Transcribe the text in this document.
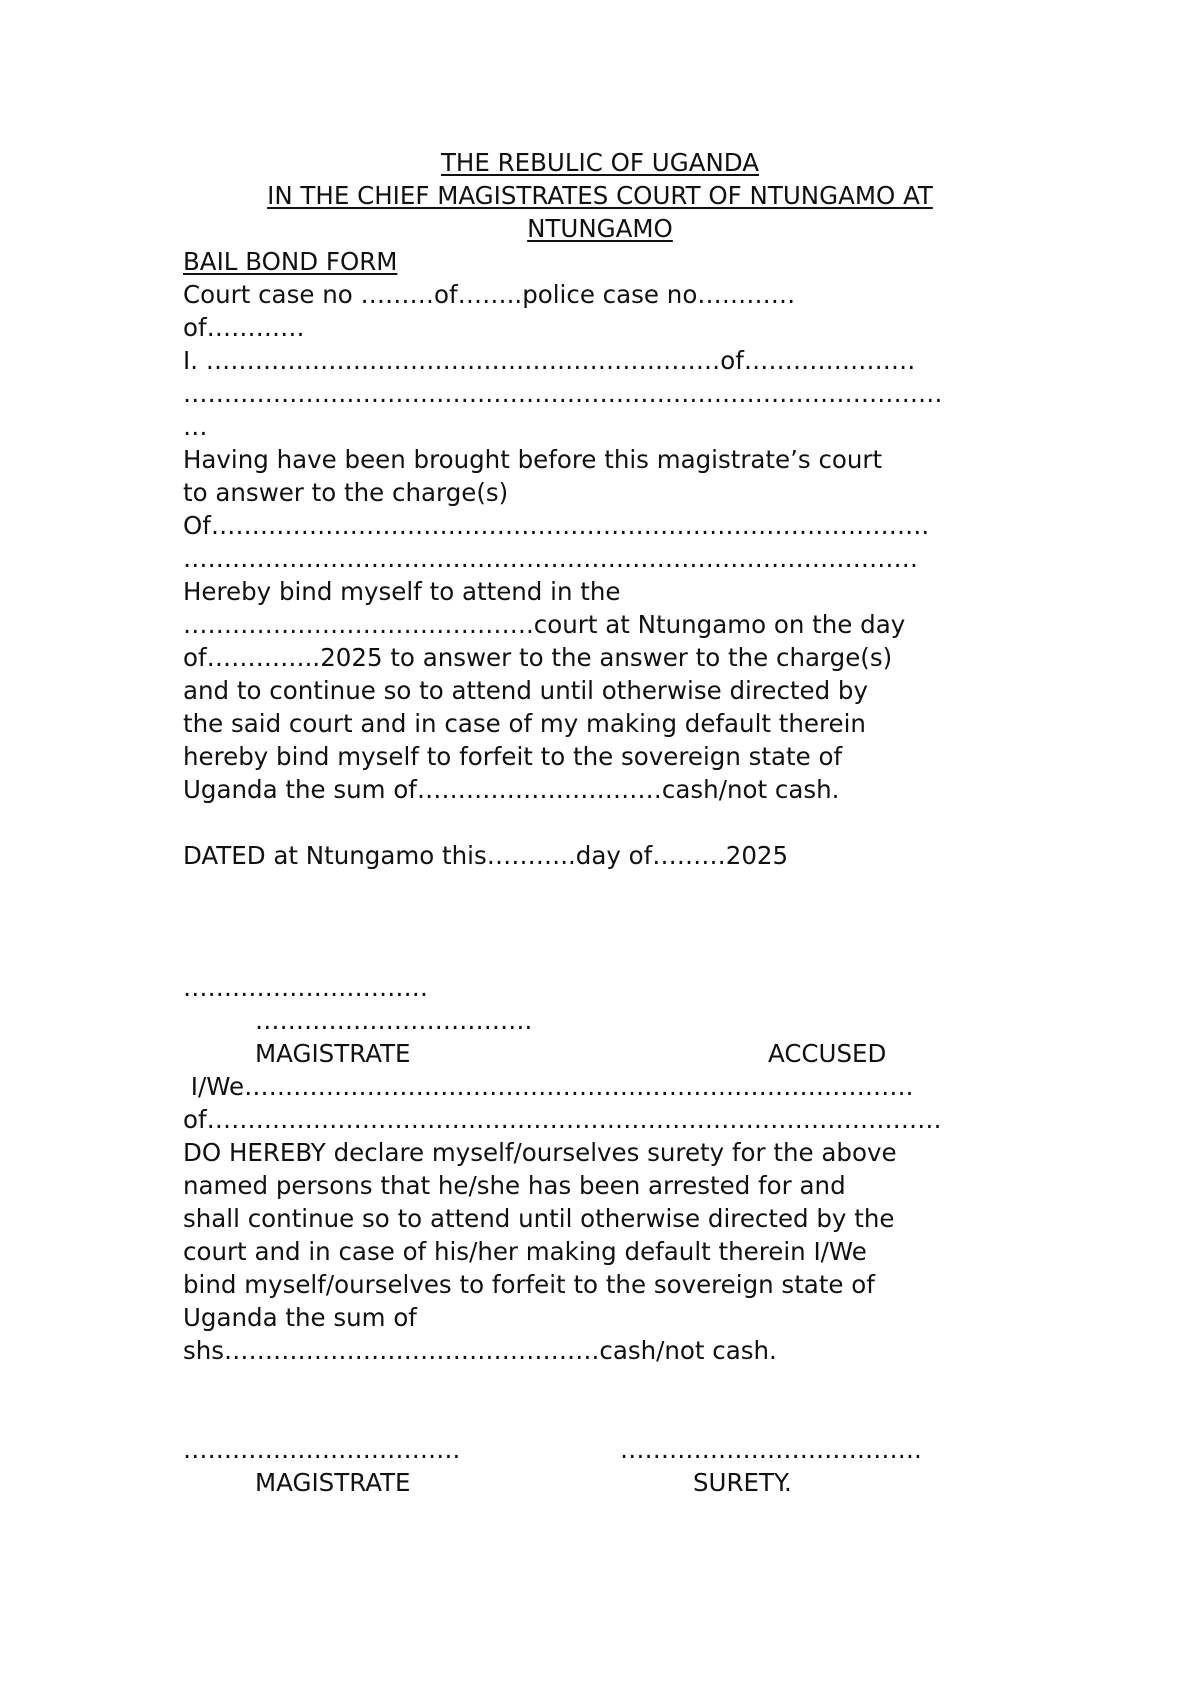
THE REBULIC OF UGANDA

IN THE CHIEF MAGISTRATES COURT OF NTUNGAMO AT

NTUNGAMO

BAIL BOND FORM

Court case no ………of……..police case no…………

of…………

I. ………………………………………………………of…………………

…………………………………………………………………………………

…

Having have been brought before this magistrate’s court

to answer to the charge(s)

Of…………………………………………………………………………….

………………………………………………………………………………

Hereby bind myself to attend in the

…………………………………….court at Ntungamo on the day

of…………..2025 to answer to the answer to the charge(s)

and to continue so to attend until otherwise directed by

the said court and in case of my making default therein

hereby bind myself to forfeit to the sovereign state of

Uganda the sum of…………………………cash/not cash.

DATED at Ntungamo this………..day of………2025

…………………………

…………………………….

MAGISTRATE	ACCUSED

I/We……………………………………………………………………….

of………………………………………………………………………………

DO HEREBY declare myself/ourselves surety for the above

named persons that he/she has been arrested for and

shall continue so to attend until otherwise directed by the

court and in case of his/her making default therein I/We

bind myself/ourselves to forfeit to the sovereign state of

Uganda the sum of

shs……………………………………….cash/not cash.

…………………………….	……………………………….

MAGISTRATE	SURETY.
